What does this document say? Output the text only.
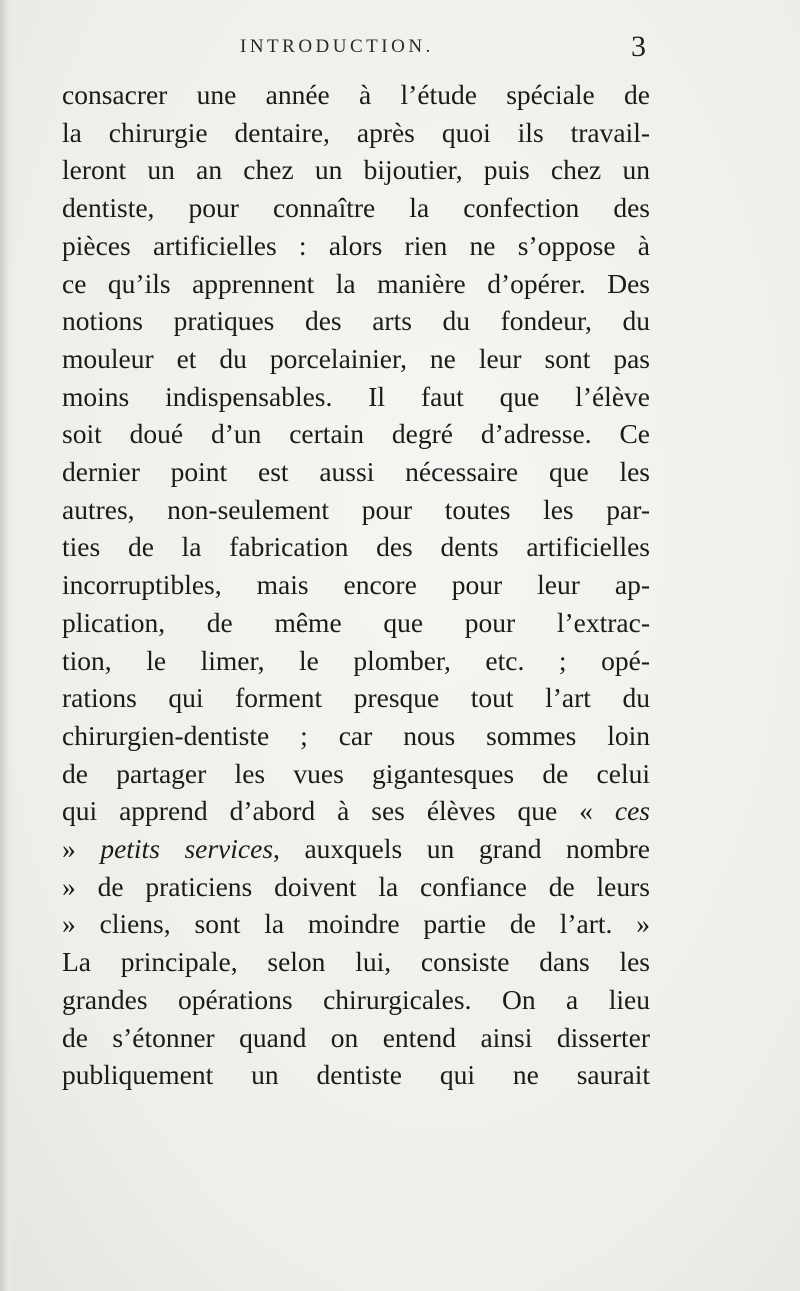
INTRODUCTION.	3
consacrer une année à l’étude spéciale de
la chirurgie dentaire, après quoi ils travail-
leront un an chez un bijoutier, puis chez un
dentiste, pour connaître la confection des
pièces artificielles : alors rien ne s’oppose à
ce qu’ils apprennent la manière d’opérer. Des
notions pratiques des arts du fondeur, du
mouleur et du porcelainier, ne leur sont pas
moins indispensables. Il faut que l’élève
soit doué d’un certain degré d’adresse. Ce
dernier point est aussi nécessaire que les
autres, non-seulement pour toutes les par-
ties de la fabrication des dents artificielles
incorruptibles, mais encore pour leur ap-
plication, de même que pour l’extrac-
tion, le limer, le plomber, etc. ; opé-
rations qui forment presque tout l’art du
chirurgien-dentiste ; car nous sommes loin
de partager les vues gigantesques de celui
qui apprend d’abord à ses élèves que « ces
» petits services, auxquels un grand nombre
» de praticiens doivent la confiance de leurs
» cliens, sont la moindre partie de l’art. »
La principale, selon lui, consiste dans les
grandes opérations chirurgicales. On a lieu
de s’étonner quand on entend ainsi disserter
publiquement un dentiste qui ne saurait
